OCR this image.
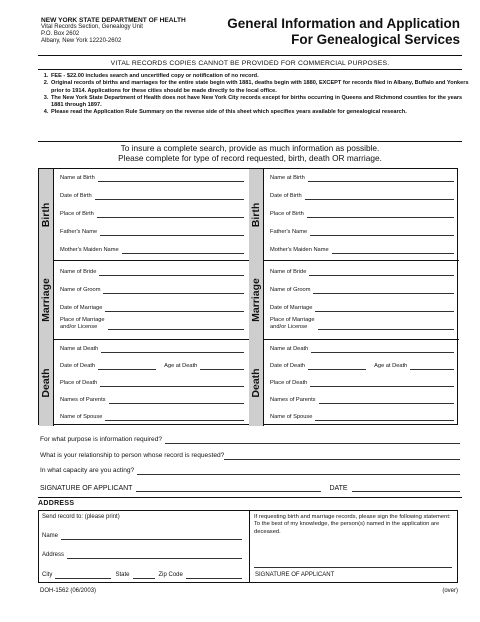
NEW YORK STATE DEPARTMENT OF HEALTH
Vital Records Section, Genealogy Unit
P.O. Box 2602
Albany, New York 12220-2602
General Information and Application
For Genealogical Services
VITAL RECORDS COPIES CANNOT BE PROVIDED FOR COMMERCIAL PURPOSES.
1. FEE - $22.00 includes search and uncertified copy or notification of no record.
2. Original records of births and marriages for the entire state begin with 1881, deaths begin with 1880, EXCEPT for records filed in Albany, Buffalo and Yonkers prior to 1914. Applications for these cities should be made directly to the local office.
3. The New York State Department of Health does not have New York City records except for births occurring in Queens and Richmond counties for the years 1881 through 1897.
4. Please read the Application Rule Summary on the reverse side of this sheet which specifies years available for genealogical research.
To insure a complete search, provide as much information as possible.
Please complete for type of record requested, birth, death OR marriage.
Birth
Name at Birth
Date of Birth
Place of Birth
Father's Name
Mother's Maiden Name
Marriage
Name of Bride
Name of Groom
Date of Marriage
Place of Marriage
and/or License
Death
Name at Death
Date of Death	Age at Death
Place of Death
Names of Parents
Name of Spouse
Birth
Name at Birth
Date of Birth
Place of Birth
Father's Name
Mother's Maiden Name
Marriage
Name of Bride
Name of Groom
Date of Marriage
Place of Marriage
and/or License
Death
Name at Death
Date of Death	Age at Death
Place of Death
Names of Parents
Name of Spouse
For what purpose is information required?
What is your relationship to person whose record is requested?
In what capacity are you acting?
SIGNATURE OF APPLICANT	DATE
ADDRESS
Send record to: (please print)
Name
Address
City	State	Zip Code

If requesting birth and marriage records, please sign the following statement:

To the best of my knowledge, the person(s) named in the application are deceased.

SIGNATURE OF APPLICANT
DOH-1562 (06/2003)	(over)
